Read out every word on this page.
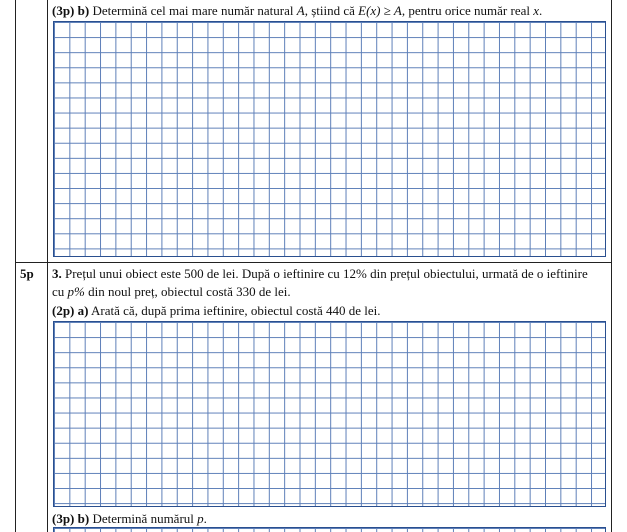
(3p) b) Determină cel mai mare număr natural A, știind că E(x) ≥ A, pentru orice număr real x.
5p 3. Prețul unui obiect este 500 de lei. După o ieftinire cu 12% din prețul obiectului, urmată de o ieftinire
cu p% din noul preț, obiectul costă 330 de lei.
(2p) a) Arată că, după prima ieftinire, obiectul costă 440 de lei.
(3p) b) Determină numărul p.
